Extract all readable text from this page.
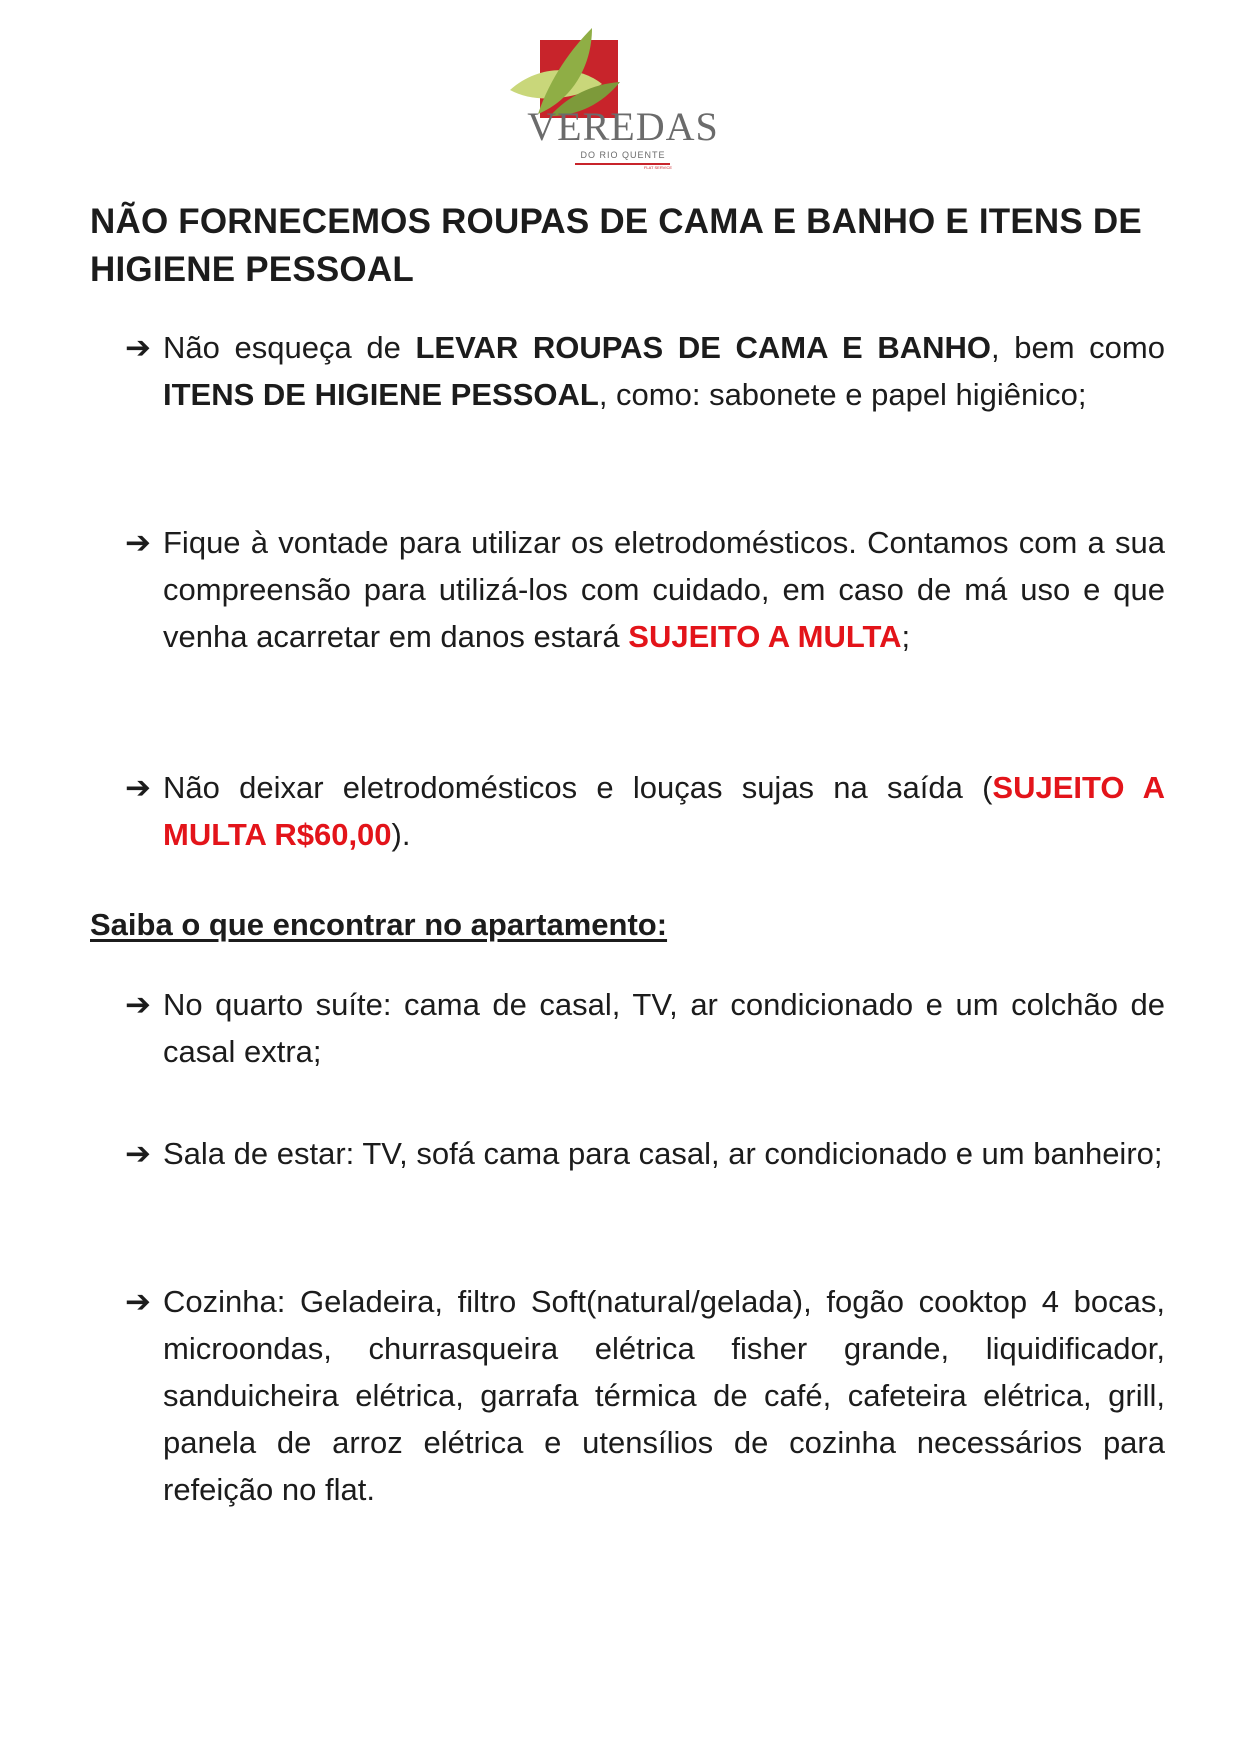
VEREDAS
DO RIO QUENTE
FLAT SERVICE
NÃO FORNECEMOS ROUPAS DE CAMA E BANHO E ITENS DE HIGIENE PESSOAL
➔ Não esqueça de LEVAR ROUPAS DE CAMA E BANHO, bem como ITENS DE HIGIENE PESSOAL, como: sabonete e papel higiênico;
➔ Fique à vontade para utilizar os eletrodomésticos. Contamos com a sua compreensão para utilizá-los com cuidado, em caso de má uso e que venha acarretar em danos estará SUJEITO A MULTA;
➔ Não deixar eletrodomésticos e louças sujas na saída (SUJEITO A MULTA R$60,00).
Saiba o que encontrar no apartamento:
➔ No quarto suíte: cama de casal, TV, ar condicionado e um colchão de casal extra;
➔ Sala de estar: TV, sofá cama para casal, ar condicionado e um banheiro;
➔ Cozinha: Geladeira, filtro Soft(natural/gelada), fogão cooktop 4 bocas, microondas, churrasqueira elétrica fisher grande, liquidificador, sanduicheira elétrica, garrafa térmica de café, cafeteira elétrica, grill, panela de arroz elétrica e utensílios de cozinha necessários para refeição no flat.
